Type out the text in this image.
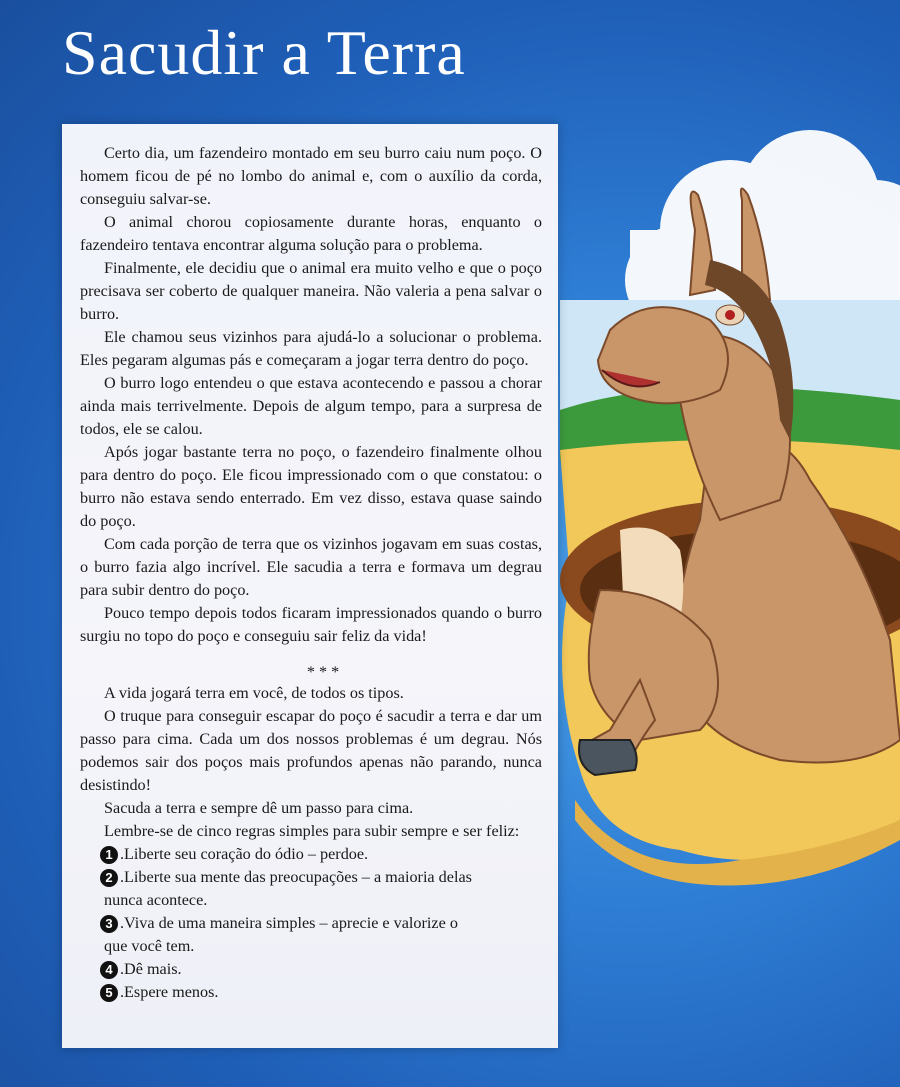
Sacudir a Terra

Certo dia, um fazendeiro montado em seu burro caiu num poço. O homem ficou de pé no lombo do animal e, com o auxílio da corda, conseguiu salvar-se.

O animal chorou copiosamente durante horas, enquanto o fazendeiro tentava encontrar alguma solução para o problema.

Finalmente, ele decidiu que o animal era muito velho e que o poço precisava ser coberto de qualquer maneira. Não valeria a pena salvar o burro.

Ele chamou seus vizinhos para ajudá-lo a solucionar o problema. Eles pegaram algumas pás e começaram a jogar terra dentro do poço.

O burro logo entendeu o que estava acontecendo e passou a chorar ainda mais terrivelmente. Depois de algum tempo, para a surpresa de todos, ele se calou.

Após jogar bastante terra no poço, o fazendeiro finalmente olhou para dentro do poço. Ele ficou impressionado com o que constatou: o burro não estava sendo enterrado. Em vez disso, estava quase saindo do poço.

Com cada porção de terra que os vizinhos jogavam em suas costas, o burro fazia algo incrível. Ele sacudia a terra e formava um degrau para subir dentro do poço.

Pouco tempo depois todos ficaram impressionados quando o burro surgiu no topo do poço e conseguiu sair feliz da vida!

* * *

A vida jogará terra em você, de todos os tipos.

O truque para conseguir escapar do poço é sacudir a terra e dar um passo para cima. Cada um dos nossos problemas é um degrau. Nós podemos sair dos poços mais profundos apenas não parando, nunca desistindo!

Sacuda a terra e sempre dê um passo para cima.

Lembre-se de cinco regras simples para subir sempre e ser feliz:

1 .Liberte seu coração do ódio – perdoe.
2 .Liberte sua mente das preocupações – a maioria delas
nunca acontece.
3 .Viva de uma maneira simples – aprecie e valorize o
que você tem.
4 .Dê mais.
5 .Espere menos.
